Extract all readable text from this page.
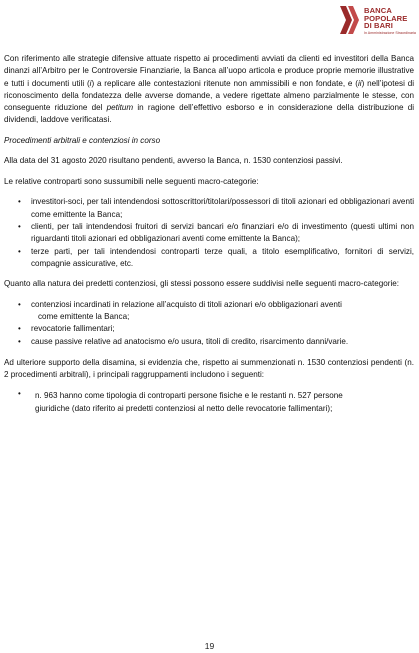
BANCA
POPOLARE
DI BARI
In Amministrazione Straordinaria

Con riferimento alle strategie difensive attuate rispetto ai procedimenti avviati da clienti ed investitori della Banca dinanzi all’Arbitro per le Controversie Finanziarie, la Banca all’uopo articola e produce proprie memorie illustrative e tutti i documenti utili (i) a replicare alle contestazioni ritenute non ammissibili e non fondate, e (ii) nell’ipotesi di riconoscimento della fondatezza delle avverse domande, a vedere rigettate almeno parzialmente le stesse, con conseguente riduzione del petitum in ragione dell’effettivo esborso e in considerazione della distribuzione di dividendi, laddove verificatasi.

Procedimenti arbitrali e contenziosi in corso

Alla data del 31 agosto 2020 risultano pendenti, avverso la Banca, n. 1530 contenziosi passivi.

Le relative controparti sono sussumibili nelle seguenti macro-categorie:

• investitori-soci, per tali intendendosi sottoscrittori/titolari/possessori di titoli azionari ed obbligazionari aventi come emittente la Banca;
• clienti, per tali intendendosi fruitori di servizi bancari e/o finanziari e/o di investimento (questi ultimi non riguardanti titoli azionari ed obbligazionari aventi come emittente la Banca);
• terze parti, per tali intendendosi controparti terze quali, a titolo esemplificativo, fornitori di servizi, compagnie assicurative, etc.

Quanto alla natura dei predetti contenziosi, gli stessi possono essere suddivisi nelle seguenti macro-categorie:

• contenziosi incardinati in relazione all’acquisto di titoli azionari e/o obbligazionari aventi
come emittente la Banca;
• revocatorie fallimentari;
• cause passive relative ad anatocismo e/o usura, titoli di credito, risarcimento danni/varie.

Ad ulteriore supporto della disamina, si evidenzia che, rispetto ai summenzionati n. 1530 contenziosi pendenti (n. 2 procedimenti arbitrali), i principali raggruppamenti includono i seguenti:

• n. 963 hanno come tipologia di controparti persone fisiche e le restanti n. 527 persone
giuridiche (dato riferito ai predetti contenziosi al netto delle revocatorie fallimentari);
19
